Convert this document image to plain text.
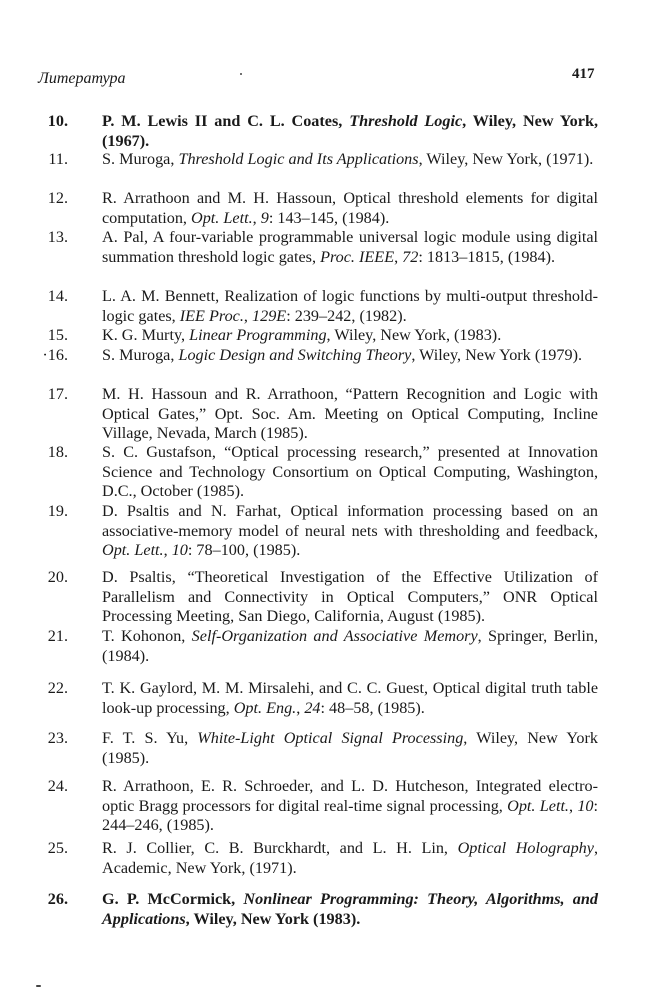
Литература	417
10. P. M. Lewis II and C. L. Coates, Threshold Logic, Wiley, New York, (1967).
11. S. Muroga, Threshold Logic and Its Applications, Wiley, New York, (1971).
12. R. Arrathoon and M. H. Hassoun, Optical threshold elements for digital computation, Opt. Lett., 9: 143–145, (1984).
13. A. Pal, A four-variable programmable universal logic module using digital summation threshold logic gates, Proc. IEEE, 72: 1813–1815, (1984).
14. L. A. M. Bennett, Realization of logic functions by multi-output threshold-logic gates, IEE Proc., 129E: 239–242, (1982).
15. K. G. Murty, Linear Programming, Wiley, New York, (1983).
·16. S. Muroga, Logic Design and Switching Theory, Wiley, New York (1979).
17. M. H. Hassoun and R. Arrathoon, “Pattern Recognition and Logic with Optical Gates,” Opt. Soc. Am. Meeting on Optical Computing, Incline Village, Nevada, March (1985).
18. S. C. Gustafson, “Optical processing research,” presented at Innovation Science and Technology Consortium on Optical Computing, Washington, D.C., October (1985).
19. D. Psaltis and N. Farhat, Optical information processing based on an associative-memory model of neural nets with thresholding and feedback, Opt. Lett., 10: 78–100, (1985).
20. D. Psaltis, “Theoretical Investigation of the Effective Utilization of Parallelism and Connectivity in Optical Computers,” ONR Optical Processing Meeting, San Diego, California, August (1985).
21. T. Kohonon, Self-Organization and Associative Memory, Springer, Berlin, (1984).
22. T. K. Gaylord, M. M. Mirsalehi, and C. C. Guest, Optical digital truth table look-up processing, Opt. Eng., 24: 48–58, (1985).
23. F. T. S. Yu, White-Light Optical Signal Processing, Wiley, New York (1985).
24. R. Arrathoon, E. R. Schroeder, and L. D. Hutcheson, Integrated electro-optic Bragg processors for digital real-time signal processing, Opt. Lett., 10: 244–246, (1985).
25. R. J. Collier, C. B. Burckhardt, and L. H. Lin, Optical Holography, Academic, New York, (1971).
26. G. P. McCormick, Nonlinear Programming: Theory, Algorithms, and Applications, Wiley, New York (1983).
